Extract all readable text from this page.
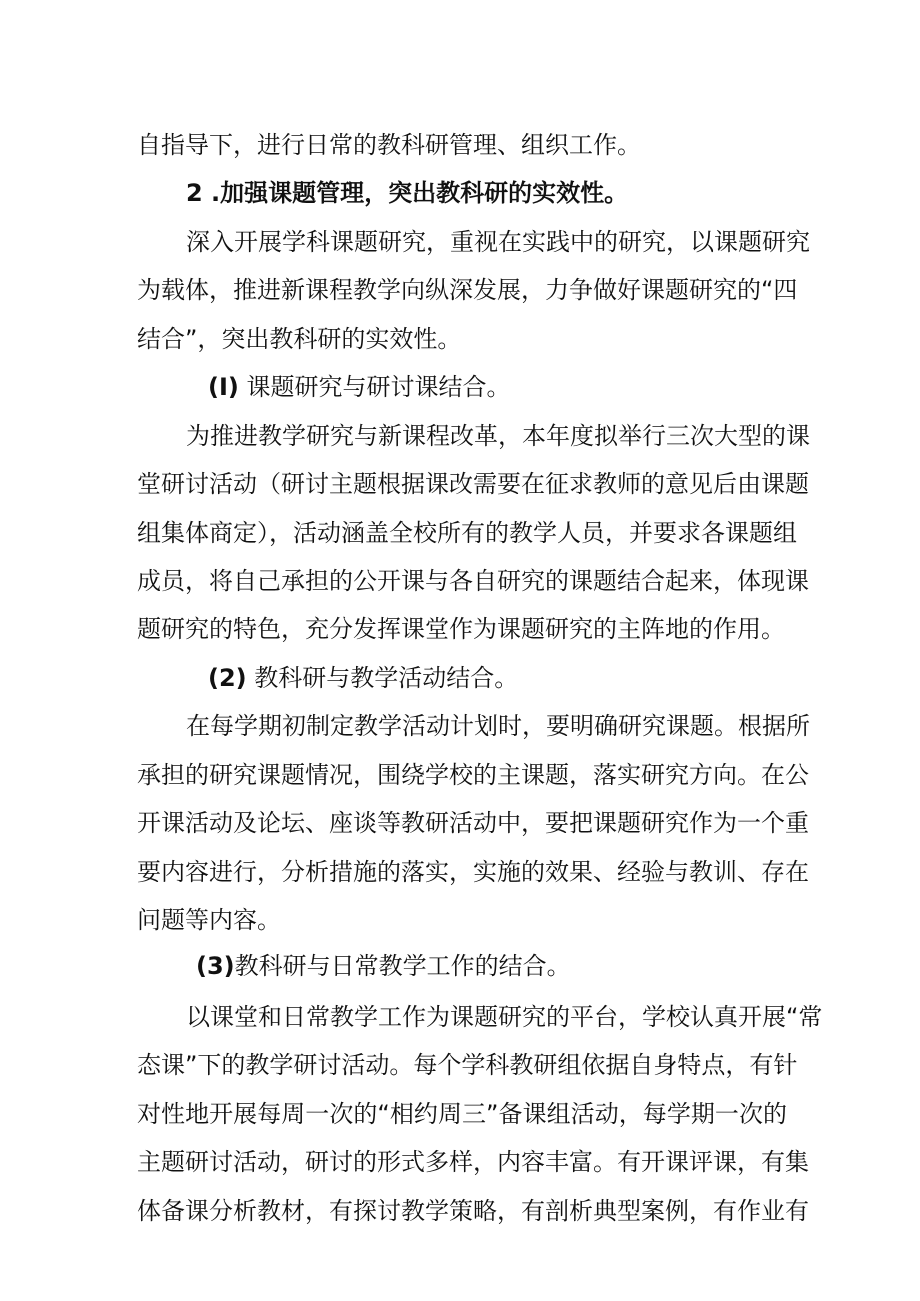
自指导下，进行日常的教科研管理、组织工作。
2 .加强课题管理，突出教科研的实效性。
深入开展学科课题研究，重视在实践中的研究，以课题研究
为载体，推进新课程教学向纵深发展，力争做好课题研究的“四
结合”，突出教科研的实效性。
(I) 课题研究与研讨课结合。
为推进教学研究与新课程改革，本年度拟举行三次大型的课
堂研讨活动（研讨主题根据课改需要在征求教师的意见后由课题
组集体商定），活动涵盖全校所有的教学人员，并要求各课题组
成员，将自己承担的公开课与各自研究的课题结合起来，体现课
题研究的特色，充分发挥课堂作为课题研究的主阵地的作用。
(2) 教科研与教学活动结合。
在每学期初制定教学活动计划时，要明确研究课题。根据所
承担的研究课题情况，围绕学校的主课题，落实研究方向。在公
开课活动及论坛、座谈等教研活动中，要把课题研究作为一个重
要内容进行，分析措施的落实，实施的效果、经验与教训、存在
问题等内容。
(3)教科研与日常教学工作的结合。
以课堂和日常教学工作为课题研究的平台，学校认真开展“常
态课”下的教学研讨活动。每个学科教研组依据自身特点，有针
对性地开展每周一次的“相约周三”备课组活动，每学期一次的
主题研讨活动，研讨的形式多样，内容丰富。有开课评课，有集
体备课分析教材，有探讨教学策略，有剖析典型案例，有作业有
